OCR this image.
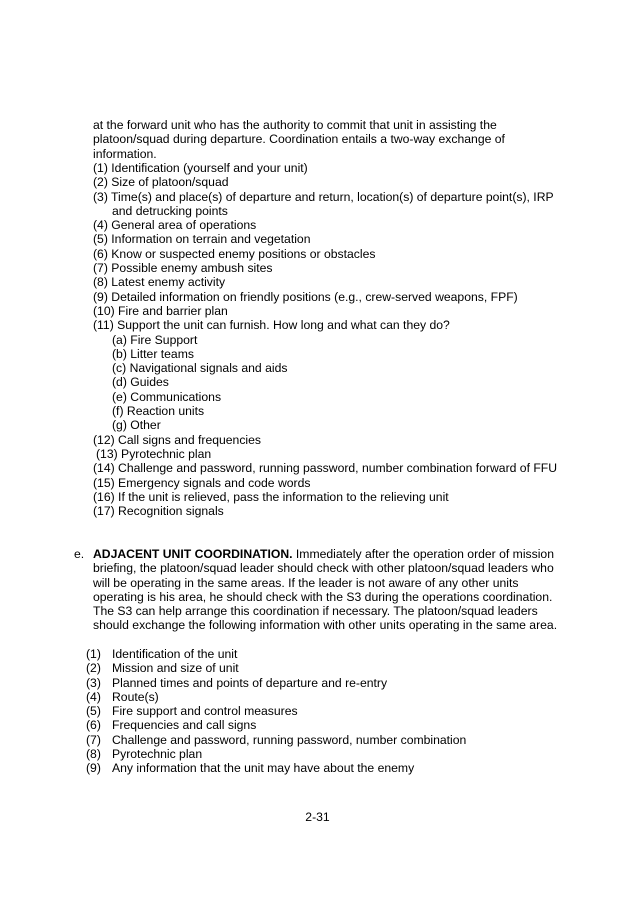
at the forward unit who has the authority to commit that unit in assisting the platoon/squad during departure. Coordination entails a two-way exchange of information.

(1) Identification (yourself and your unit)
(2) Size of platoon/squad
(3) Time(s) and place(s) of departure and return, location(s) of departure point(s), IRP and detrucking points
(4) General area of operations
(5) Information on terrain and vegetation
(6) Know or suspected enemy positions or obstacles
(7) Possible enemy ambush sites
(8) Latest enemy activity
(9) Detailed information on friendly positions (e.g., crew-served weapons, FPF)
(10) Fire and barrier plan
(11) Support the unit can furnish. How long and what can they do?
(a) Fire Support
(b) Litter teams
(c) Navigational signals and aids
(d) Guides
(e) Communications
(f) Reaction units
(g) Other
(12) Call signs and frequencies
(13) Pyrotechnic plan
(14) Challenge and password, running password, number combination forward of FFU
(15) Emergency signals and code words
(16) If the unit is relieved, pass the information to the relieving unit
(17) Recognition signals
e. ADJACENT UNIT COORDINATION. Immediately after the operation order of mission briefing, the platoon/squad leader should check with other platoon/squad leaders who will be operating in the same areas. If the leader is not aware of any other units operating is his area, he should check with the S3 during the operations coordination. The S3 can help arrange this coordination if necessary. The platoon/squad leaders should exchange the following information with other units operating in the same area.
(1) Identification of the unit
(2) Mission and size of unit
(3) Planned times and points of departure and re-entry
(4) Route(s)
(5) Fire support and control measures
(6) Frequencies and call signs
(7) Challenge and password, running password, number combination
(8) Pyrotechnic plan
(9) Any information that the unit may have about the enemy
2-31
